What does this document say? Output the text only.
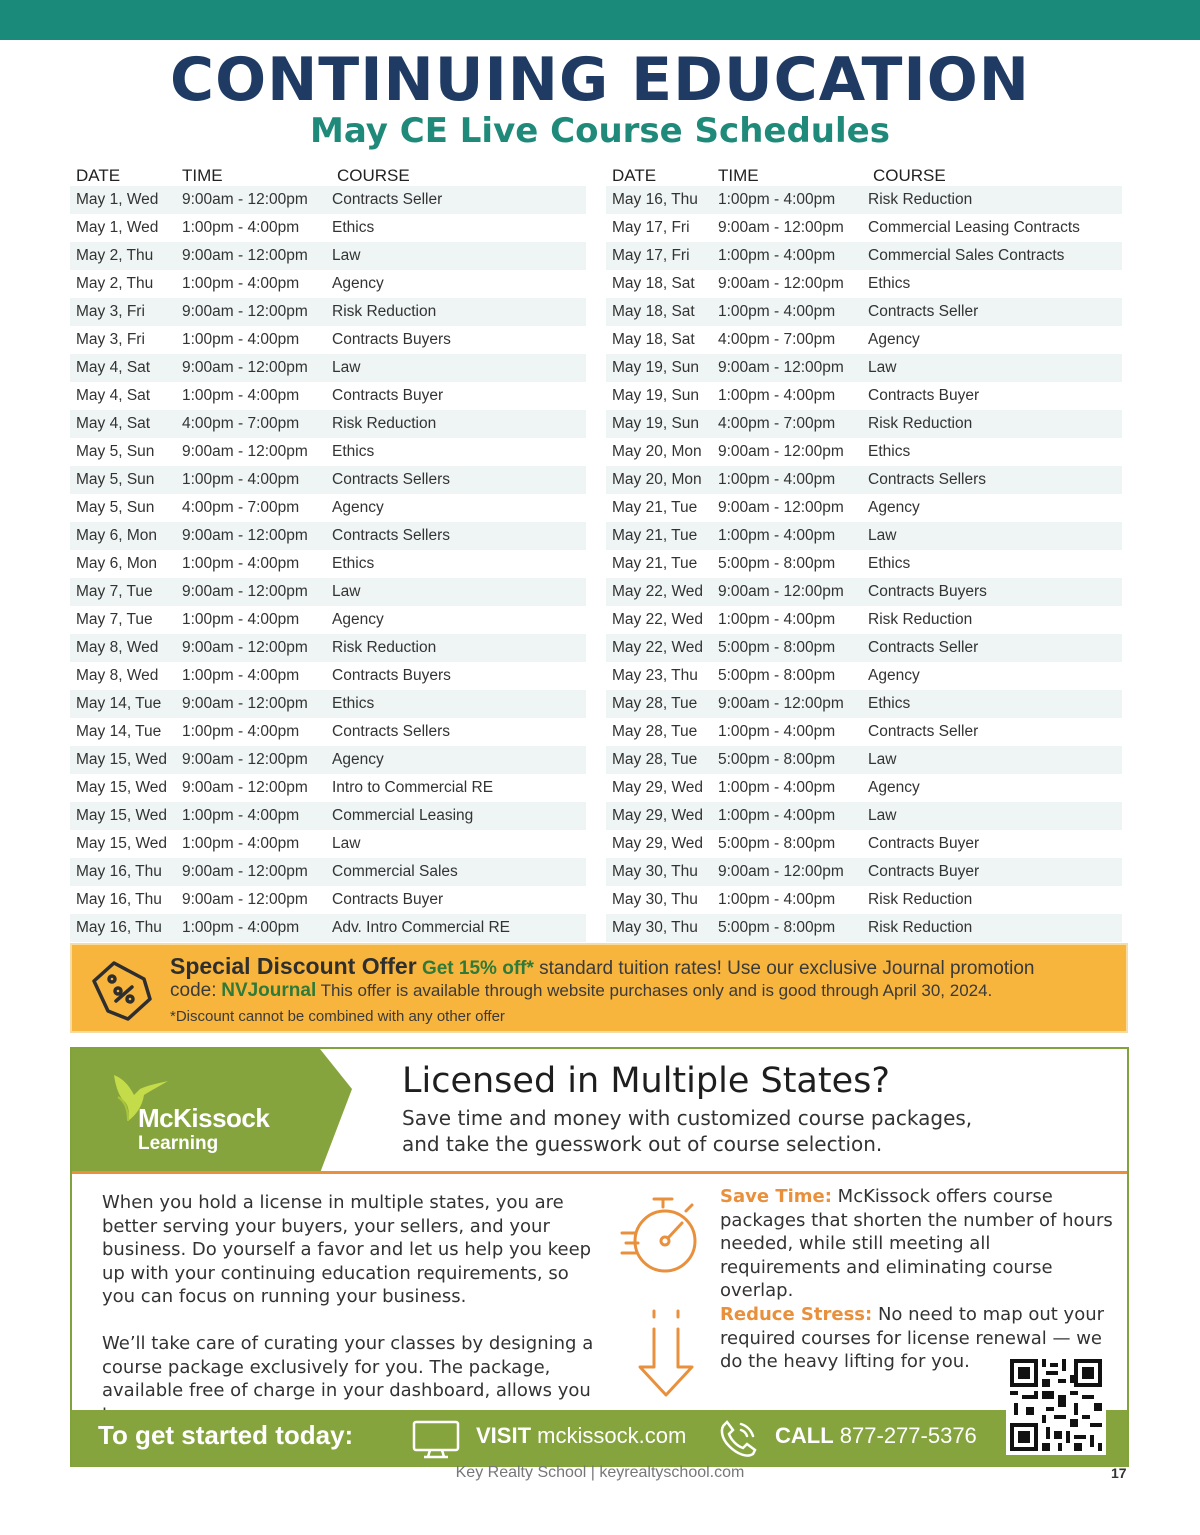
CONTINUING EDUCATION
May CE Live Course Schedules
DATE	TIME	COURSE
May 1, Wed 9:00am - 12:00pm Contracts Seller
May 1, Wed 1:00pm - 4:00pm Ethics
May 2, Thu 9:00am - 12:00pm Law
May 2, Thu 1:00pm - 4:00pm Agency
May 3, Fri 9:00am - 12:00pm Risk Reduction
May 3, Fri 1:00pm - 4:00pm Contracts Buyers
May 4, Sat 9:00am - 12:00pm Law
May 4, Sat 1:00pm - 4:00pm Contracts Buyer
May 4, Sat 4:00pm - 7:00pm Risk Reduction
May 5, Sun 9:00am - 12:00pm Ethics
May 5, Sun 1:00pm - 4:00pm Contracts Sellers
May 5, Sun 4:00pm - 7:00pm Agency
May 6, Mon 9:00am - 12:00pm Contracts Sellers
May 6, Mon 1:00pm - 4:00pm Ethics
May 7, Tue 9:00am - 12:00pm Law
May 7, Tue 1:00pm - 4:00pm Agency
May 8, Wed 9:00am - 12:00pm Risk Reduction
May 8, Wed 1:00pm - 4:00pm Contracts Buyers
May 14, Tue 9:00am - 12:00pm Ethics
May 14, Tue 1:00pm - 4:00pm Contracts Sellers
May 15, Wed 9:00am - 12:00pm Agency
May 15, Wed 9:00am - 12:00pm Intro to Commercial RE
May 15, Wed 1:00pm - 4:00pm Commercial Leasing
May 15, Wed 1:00pm - 4:00pm Law
May 16, Thu 9:00am - 12:00pm Commercial Sales
May 16, Thu 9:00am - 12:00pm Contracts Buyer
May 16, Thu 1:00pm - 4:00pm Adv. Intro Commercial RE
DATE	TIME	COURSE
May 16, Thu 1:00pm - 4:00pm Risk Reduction
May 17, Fri 9:00am - 12:00pm Commercial Leasing Contracts
May 17, Fri 1:00pm - 4:00pm Commercial Sales Contracts
May 18, Sat 9:00am - 12:00pm Ethics
May 18, Sat 1:00pm - 4:00pm Contracts Seller
May 18, Sat 4:00pm - 7:00pm Agency
May 19, Sun 9:00am - 12:00pm Law
May 19, Sun 1:00pm - 4:00pm Contracts Buyer
May 19, Sun 4:00pm - 7:00pm Risk Reduction
May 20, Mon 9:00am - 12:00pm Ethics
May 20, Mon 1:00pm - 4:00pm Contracts Sellers
May 21, Tue 9:00am - 12:00pm Agency
May 21, Tue 1:00pm - 4:00pm Law
May 21, Tue 5:00pm - 8:00pm Ethics
May 22, Wed 9:00am - 12:00pm Contracts Buyers
May 22, Wed 1:00pm - 4:00pm Risk Reduction
May 22, Wed 5:00pm - 8:00pm Contracts Seller
May 23, Thu 5:00pm - 8:00pm Agency
May 28, Tue 9:00am - 12:00pm Ethics
May 28, Tue 1:00pm - 4:00pm Contracts Seller
May 28, Tue 5:00pm - 8:00pm Law
May 29, Wed 1:00pm - 4:00pm Agency
May 29, Wed 1:00pm - 4:00pm Law
May 29, Wed 5:00pm - 8:00pm Contracts Buyer
May 30, Thu 9:00am - 12:00pm Contracts Buyer
May 30, Thu 1:00pm - 4:00pm Risk Reduction
May 30, Thu 5:00pm - 8:00pm Risk Reduction
Special Discount Offer Get 15% off* standard tuition rates! Use our exclusive Journal promotion
code: NVJournal This offer is available through website purchases only and is good through April 30, 2024.
*Discount cannot be combined with any other offer
McKissock
Learning
Licensed in Multiple States?
Save time and money with customized course packages, and take the guesswork out of course selection.

When you hold a license in multiple states, you are better serving your buyers, your sellers, and your business. Do yourself a favor and let us help you keep up with your continuing education requirements, so you can focus on running your business.

We’ll take care of curating your classes by designing a course package exclusively for you. The package, available free of charge in your dashboard, allows you

Save Time: McKissock offers course packages that shorten the number of hours needed, while still meeting all requirements and eliminating course overlap.
Reduce Stress: No need to map out your required courses for license renewal — we do the heavy lifting for you.
To get started today:	VISIT mckissock.com	CALL 877-277-5376
Key Realty School | keyrealtyschool.com	17
